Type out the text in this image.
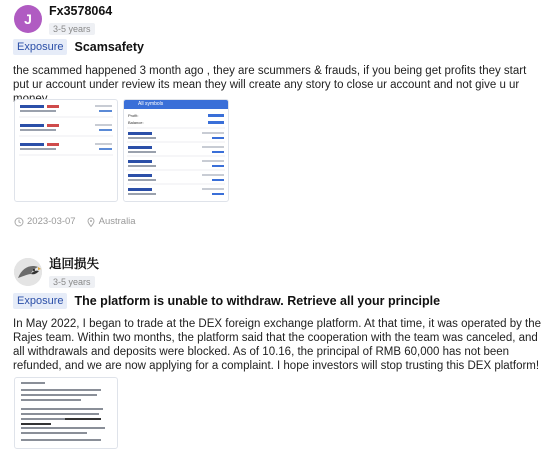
J Fx3578064
3-5 years
Exposure Scamsafety
the scammed happened 3 month ago , they are scummers & frauds, if you being get profits they start put ur account under review its mean they will create any story to close ur account and not give u ur
All symbols
Profit:
Balance:
2023-03-07 Australia
追回损失
3-5 years
Exposure The platform is unable to withdraw. Retrieve all your principle
In May 2022, I began to trade at the DEX foreign exchange platform. At that time, it was operated by the Rajes team. Within two months, the platform said that the cooperation with the team was canceled, and all withdrawals and deposits were blocked. As of 10.16, the principal of RMB 60,000 has not been refunded, and we are now applying for a complaint. I hope investors will stop trusting this DEX platform!
